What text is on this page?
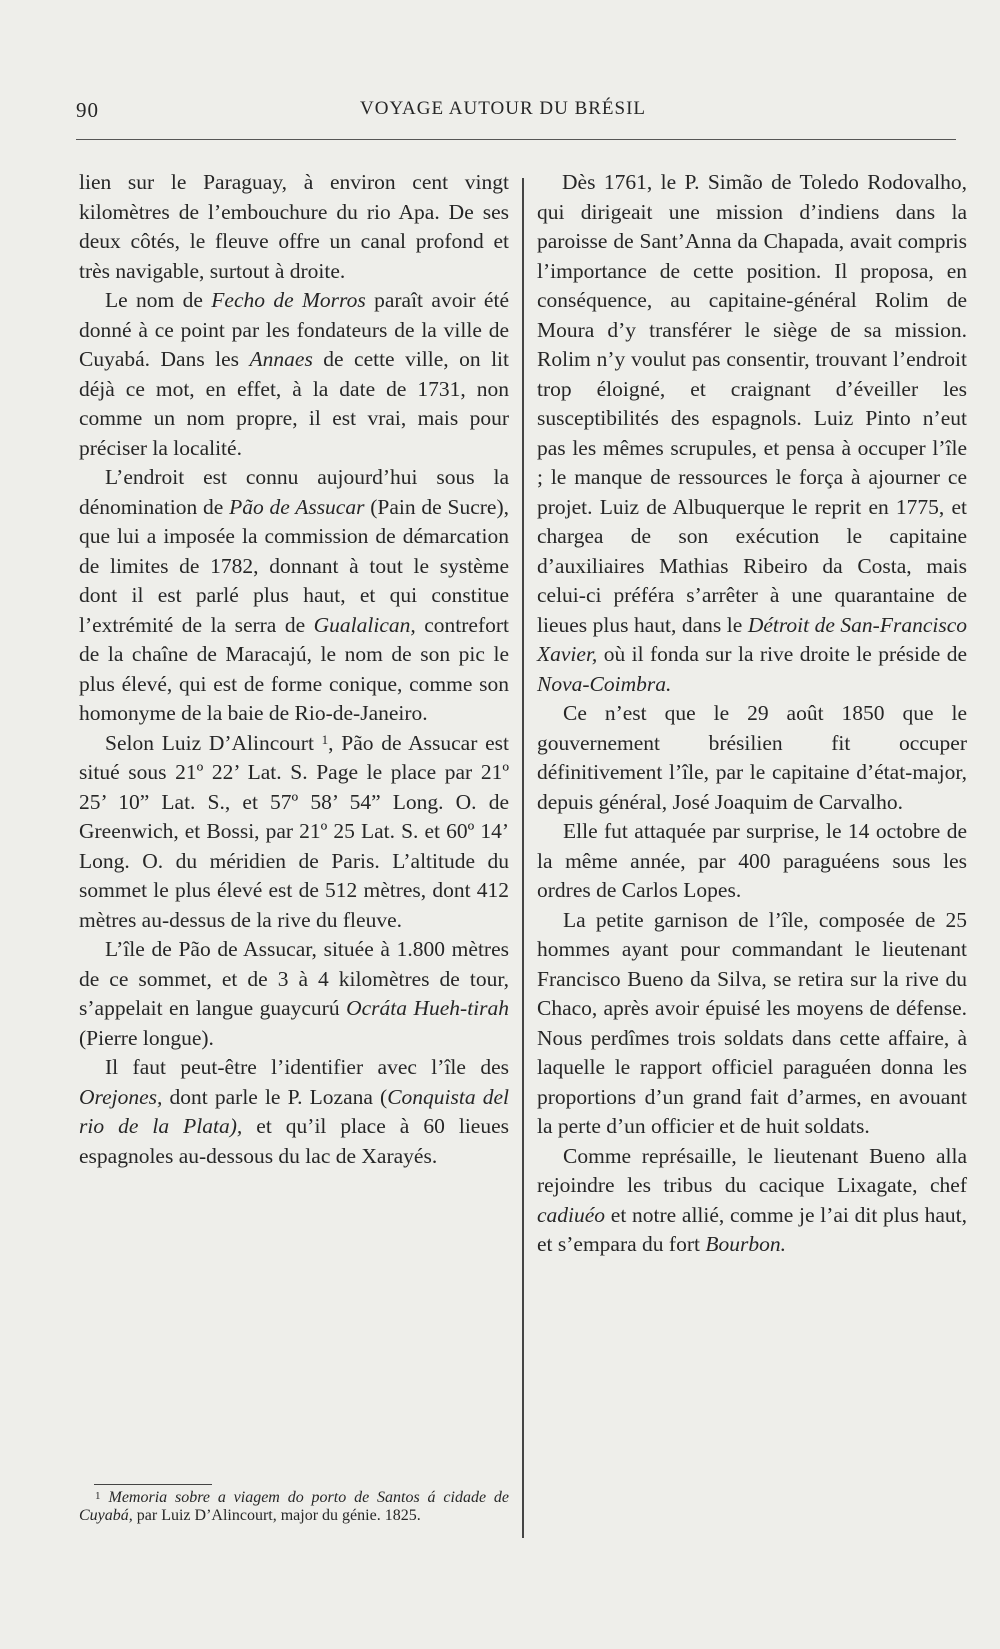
90	VOYAGE AUTOUR DU BRÉSIL

lien sur le Paraguay, à environ cent vingt kilomètres de l’embouchure du rio Apa. De ses deux côtés, le fleuve offre un canal profond et très navigable, surtout à droite.

Le nom de Fecho de Morros paraît avoir été donné à ce point par les fondateurs de la ville de Cuyabá. Dans les Annaes de cette ville, on lit déjà ce mot, en effet, à la date de 1731, non comme un nom propre, il est vrai, mais pour préciser la localité.

L’endroit est connu aujourd’hui sous la dénomination de Pão de Assucar (Pain de Sucre), que lui a imposée la commission de démarcation de limites de 1782, donnant à tout le système dont il est parlé plus haut, et qui constitue l’extrémité de la serra de Gualalican, contrefort de la chaîne de Maracajú, le nom de son pic le plus élevé, qui est de forme conique, comme son homonyme de la baie de Rio-de-Janeiro.

Selon Luiz D’Alincourt $^1$, Pão de Assucar est situé sous 21º 22’ Lat. S. Page le place par 21º 25’ 10” Lat. S., et 57º 58’ 54” Long. O. de Greenwich, et Bossi, par 21º 25 Lat. S. et 60º 14’ Long. O. du méridien de Paris. L’altitude du sommet le plus élevé est de 512 mètres, dont 412 mètres au-dessus de la rive du fleuve.

L’île de Pão de Assucar, située à 1.800 mètres de ce sommet, et de 3 à 4 kilomètres de tour, s’appelait en langue guaycurú Ocráta Hueh-tirah (Pierre longue).

Il faut peut-être l’identifier avec l’île des Orejones, dont parle le P. Lozana (Conquista del rio de la Plata), et qu’il place à 60 lieues espagnoles au-dessous du lac de Xarayés.

Dès 1761, le P. Simão de Toledo Rodovalho, qui dirigeait une mission d’indiens dans la paroisse de Sant’Anna da Chapada, avait compris l’importance de cette position. Il proposa, en conséquence, au capitaine-général Rolim de Moura d’y transférer le siège de sa mission. Rolim n’y voulut pas consentir, trouvant l’endroit trop éloigné, et craignant d’éveiller les susceptibilités des espagnols. Luiz Pinto n’eut pas les mêmes scrupules, et pensa à occuper l’île ; le manque de ressources le força à ajourner ce projet. Luiz de Albuquerque le reprit en 1775, et chargea de son exécution le capitaine d’auxiliaires Mathias Ribeiro da Costa, mais celui-ci préféra s’arrêter à une quarantaine de lieues plus haut, dans le Détroit de San-Francisco Xavier, où il fonda sur la rive droite le préside de Nova-Coimbra.

Ce n’est que le 29 août 1850 que le gouvernement brésilien fit occuper définitivement l’île, par le capitaine d’état-major, depuis général, José Joaquim de Carvalho.

Elle fut attaquée par surprise, le 14 octobre de la même année, par 400 paraguéens sous les ordres de Carlos Lopes.

La petite garnison de l’île, composée de 25 hommes ayant pour commandant le lieutenant Francisco Bueno da Silva, se retira sur la rive du Chaco, après avoir épuisé les moyens de défense. Nous perdîmes trois soldats dans cette affaire, à laquelle le rapport officiel paraguéen donna les proportions d’un grand fait d’armes, en avouant la perte d’un officier et de huit soldats.

Comme représaille, le lieutenant Bueno alla rejoindre les tribus du cacique Lixagate, chef cadiuéo et notre allié, comme je l’ai dit plus haut, et s’empara du fort Bourbon.

1 Memoria sobre a viagem do porto de Santos á cidade de Cuyabá, par Luiz D’Alincourt, major du génie. 1825.
